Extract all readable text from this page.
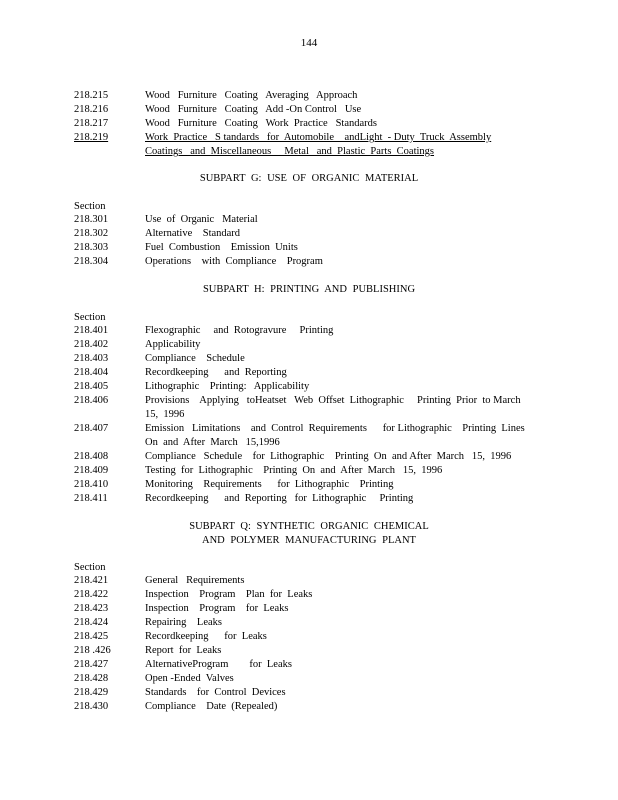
144
218.215	Wood   Furniture   Coating   Averaging   Approach
218.216	Wood   Furniture   Coating   Add -On Control   Use
218.217	Wood   Furniture   Coating   Work  Practice   Standards
218.219	Work  Practice   S tandards   for  Automobile    andLight  - Duty  Truck  Assembly
Coatings   and  Miscellaneous     Metal   and  Plastic  Parts  Coatings
SUBPART G: USE OF ORGANIC MATERIAL
Section
218.301	Use  of  Organic   Material
218.302	Alternative    Standard
218.303	Fuel  Combustion    Emission  Units
218.304	Operations    with  Compliance    Program
SUBPART H: PRINTING AND PUBLISHING
Section
218.401	Flexographic     and  Rotogravure     Printing
218.402	Applicability
218.403	Compliance    Schedule
218.404	Recordkeeping      and  Reporting
218.405	Lithographic    Printing:   Applicability
218.406	Provisions    Applying   toHeatset   Web  Offset  Lithographic     Printing  Prior  to March
15,  1996
218.407	Emission   Limitations    and  Control  Requirements      for Lithographic    Printing  Lines
On  and  After  March   15,1996
218.408	Compliance   Schedule    for  Lithographic    Printing  On  and After  March   15,  1996
218.409	Testing  for  Lithographic    Printing  On  and  After  March   15,  1996
218.410	Monitoring    Requirements      for  Lithographic    Printing
218.411	Recordkeeping      and  Reporting   for  Lithographic     Printing
SUBPART Q: SYNTHETIC ORGANIC CHEMICAL
AND POLYMER MANUFACTURING PLANT
Section
218.421	General   Requirements
218.422	Inspection    Program    Plan  for  Leaks
218.423	Inspection    Program    for  Leaks
218.424	Repairing    Leaks
218.425	Recordkeeping      for  Leaks
218 .426	Report  for  Leaks
218.427	AlternativeProgram        for  Leaks
218.428	Open -Ended  Valves
218.429	Standards    for  Control  Devices
218.430	Compliance    Date  (Repealed)
